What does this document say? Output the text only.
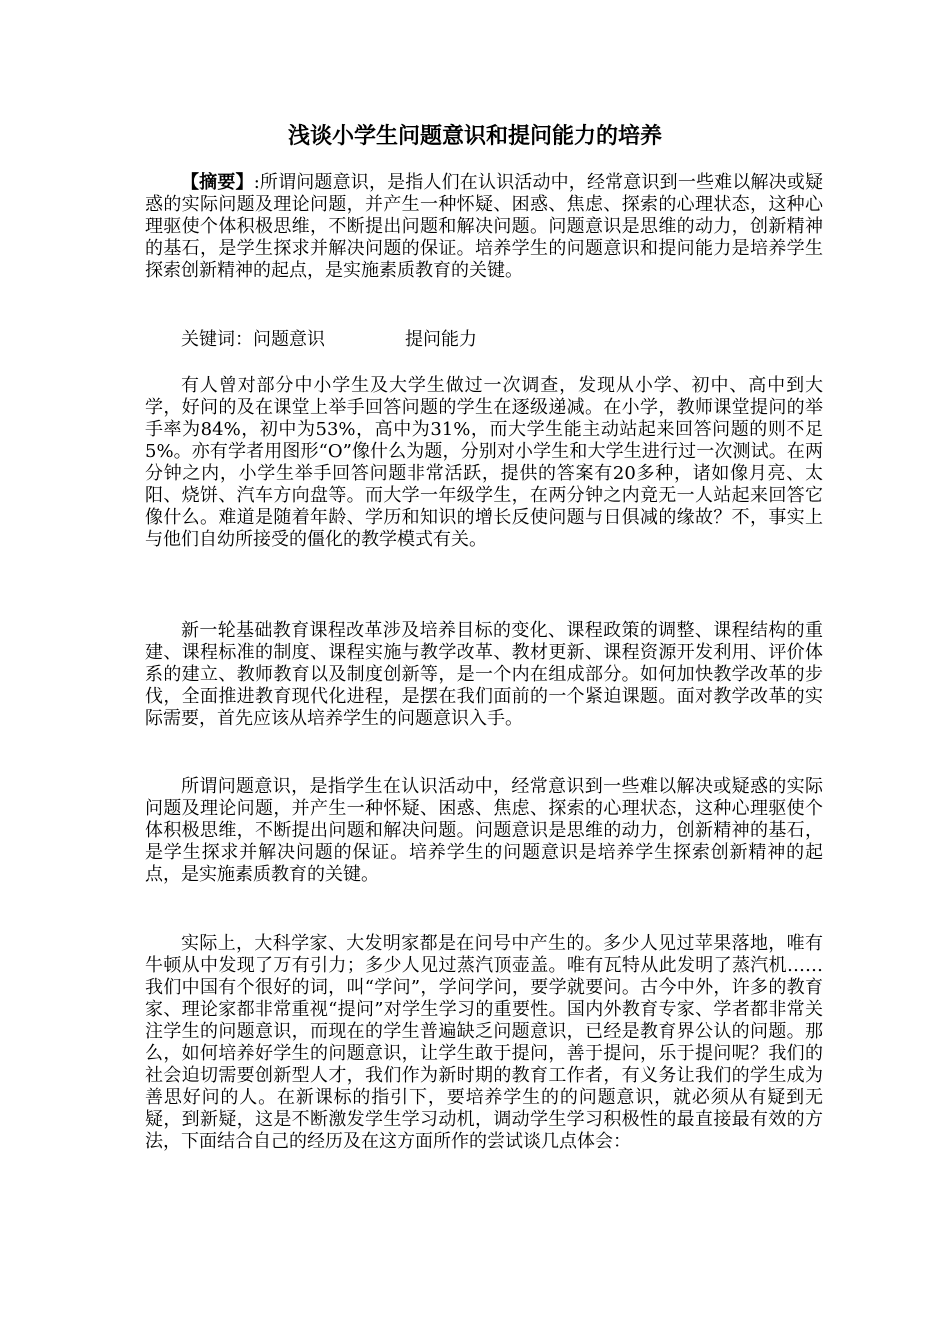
浅谈小学生问题意识和提问能力的培养

【摘要】:所谓问题意识，是指人们在认识活动中，经常意识到一些难以解决或疑惑的实际问题及理论问题，并产生一种怀疑、困惑、焦虑、探索的心理状态，这种心理驱使个体积极思维，不断提出问题和解决问题。问题意识是思维的动力，创新精神的基石，是学生探求并解决问题的保证。培养学生的问题意识和提问能力是培养学生探索创新精神的起点，是实施素质教育的关键。

关键词：问题意识	提问能力

有人曾对部分中小学生及大学生做过一次调查，发现从小学、初中、高中到大学，好问的及在课堂上举手回答问题的学生在逐级递减。在小学，教师课堂提问的举手率为84%，初中为53%，高中为31%，而大学生能主动站起来回答问题的则不足5%。亦有学者用图形“O”像什么为题，分别对小学生和大学生进行过一次测试。在两分钟之内，小学生举手回答问题非常活跃，提供的答案有20多种，诸如像月亮、太阳、烧饼、汽车方向盘等。而大学一年级学生，在两分钟之内竟无一人站起来回答它像什么。难道是随着年龄、学历和知识的增长反使问题与日俱减的缘故？不，事实上与他们自幼所接受的僵化的教学模式有关。

新一轮基础教育课程改革涉及培养目标的变化、课程政策的调整、课程结构的重建、课程标准的制度、课程实施与教学改革、教材更新、课程资源开发利用、评价体系的建立、教师教育以及制度创新等，是一个内在组成部分。如何加快教学改革的步伐，全面推进教育现代化进程，是摆在我们面前的一个紧迫课题。面对教学改革的实际需要，首先应该从培养学生的问题意识入手。

所谓问题意识，是指学生在认识活动中，经常意识到一些难以解决或疑惑的实际问题及理论问题，并产生一种怀疑、困惑、焦虑、探索的心理状态，这种心理驱使个体积极思维，不断提出问题和解决问题。问题意识是思维的动力，创新精神的基石，是学生探求并解决问题的保证。培养学生的问题意识是培养学生探索创新精神的起点，是实施素质教育的关键。

实际上，大科学家、大发明家都是在问号中产生的。多少人见过苹果落地，唯有牛顿从中发现了万有引力；多少人见过蒸汽顶壶盖。唯有瓦特从此发明了蒸汽机……我们中国有个很好的词，叫“学问”，学问学问，要学就要问。古今中外，许多的教育家、理论家都非常重视“提问”对学生学习的重要性。国内外教育专家、学者都非常关注学生的问题意识，而现在的学生普遍缺乏问题意识，已经是教育界公认的问题。那么，如何培养好学生的问题意识，让学生敢于提问，善于提问，乐于提问呢？我们的社会迫切需要创新型人才，我们作为新时期的教育工作者，有义务让我们的学生成为善思好问的人。在新课标的指引下，要培养学生的的问题意识，就必须从有疑到无疑，到新疑，这是不断激发学生学习动机，调动学生学习积极性的最直接最有效的方法，下面结合自己的经历及在这方面所作的尝试谈几点体会：
